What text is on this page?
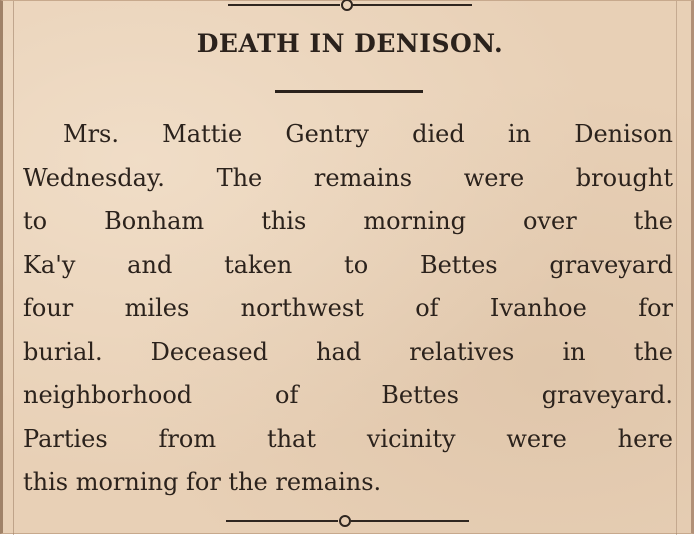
DEATH IN DENISON.
Mrs. Mattie Gentry died in Denison
Wednesday. The remains were brought
to Bonham this morning over the
Ka'y and taken to Bettes graveyard
four miles northwest of Ivanhoe for
burial. Deceased had relatives in the
neighborhood of Bettes graveyard.
Parties from that vicinity were here
this morning for the remains.
